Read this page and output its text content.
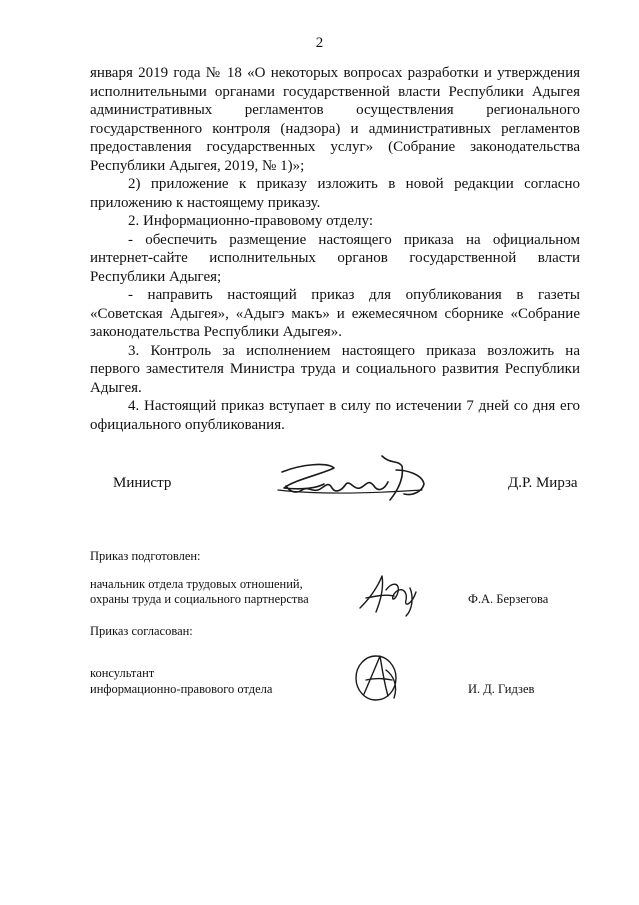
2

января 2019 года № 18 «О некоторых вопросах разработки и утверждения исполнительными органами государственной власти Республики Адыгея административных регламентов осуществления регионального государственного контроля (надзора) и административных регламентов предоставления государственных услуг» (Собрание законодательства Республики Адыгея, 2019, № 1)»;

2) приложение к приказу изложить в новой редакции согласно приложению к настоящему приказу.

2. Информационно-правовому отделу:

- обеспечить размещение настоящего приказа на официальном интернет-сайте исполнительных органов государственной власти Республики Адыгея;

- направить настоящий приказ для опубликования в газеты «Советская Адыгея», «Адыгэ макъ» и ежемесячном сборнике «Собрание законодательства Республики Адыгея».

3. Контроль за исполнением настоящего приказа возложить на первого заместителя Министра труда и социального развития Республики Адыгея.

4. Настоящий приказ вступает в силу по истечении 7 дней со дня его официального опубликования.

Министр	Д.Р. Мирза
Приказ подготовлен:
начальник отдела трудовых отношений,
охраны труда и социального партнерства	Ф.А. Берзегова
Приказ согласован:
консультант
информационно-правового отдела	И. Д. Гидзев
